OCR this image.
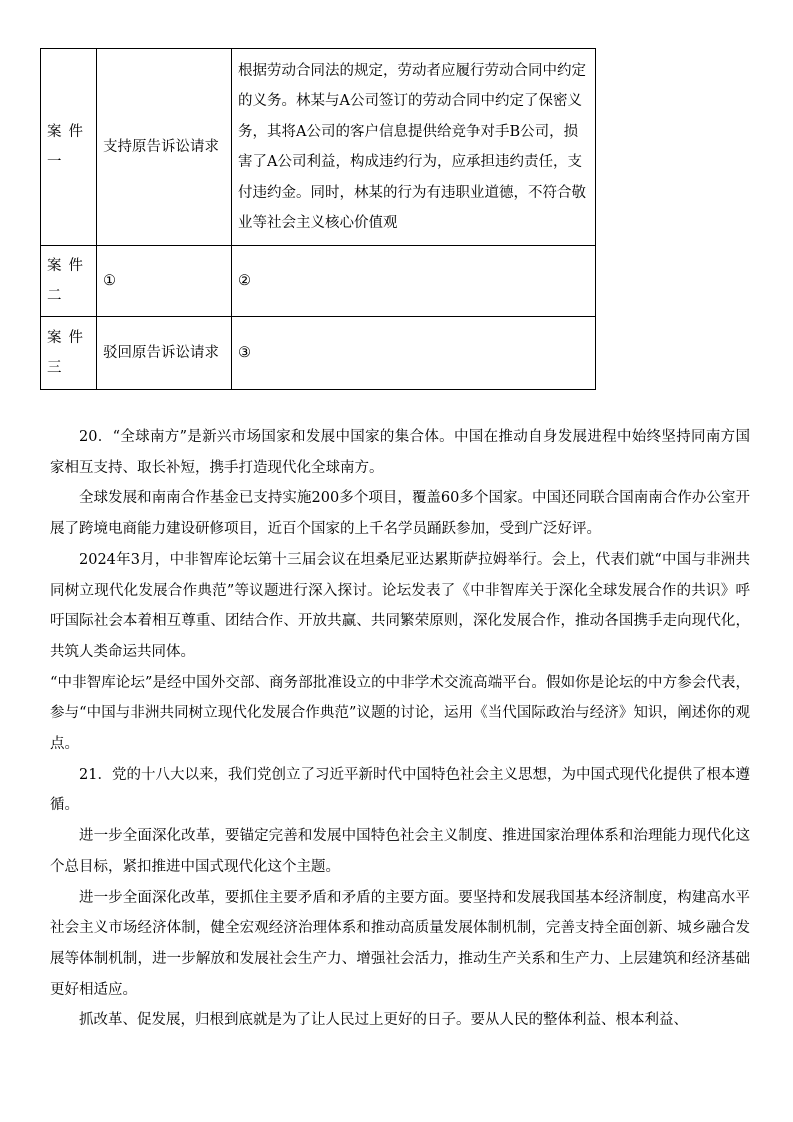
案件一	支持原告诉讼请求	根据劳动合同法的规定，劳动者应履行劳动合同中约定的义务。林某与A公司签订的劳动合同中约定了保密义务，其将A公司的客户信息提供给竞争对手B公司，损害了A公司利益，构成违约行为，应承担违约责任，支付违约金。同时，林某的行为有违职业道德，不符合敬业等社会主义核心价值观
案件二	①	②
案件三	驳回原告诉讼请求	③

20．“全球南方”是新兴市场国家和发展中国家的集合体。中国在推动自身发展进程中始终坚持同南方国家相互支持、取长补短，携手打造现代化全球南方。

全球发展和南南合作基金已支持实施200多个项目，覆盖60多个国家。中国还同联合国南南合作办公室开展了跨境电商能力建设研修项目，近百个国家的上千名学员踊跃参加，受到广泛好评。

2024年3月，中非智库论坛第十三届会议在坦桑尼亚达累斯萨拉姆举行。会上，代表们就“中国与非洲共同树立现代化发展合作典范”等议题进行深入探讨。论坛发表了《中非智库关于深化全球发展合作的共识》呼吁国际社会本着相互尊重、团结合作、开放共赢、共同繁荣原则，深化发展合作，推动各国携手走向现代化，共筑人类命运共同体。

“中非智库论坛”是经中国外交部、商务部批准设立的中非学术交流高端平台。假如你是论坛的中方参会代表，参与“中国与非洲共同树立现代化发展合作典范”议题的讨论，运用《当代国际政治与经济》知识，阐述你的观点。

21．党的十八大以来，我们党创立了习近平新时代中国特色社会主义思想，为中国式现代化提供了根本遵循。

进一步全面深化改革，要锚定完善和发展中国特色社会主义制度、推进国家治理体系和治理能力现代化这个总目标，紧扣推进中国式现代化这个主题。

进一步全面深化改革，要抓住主要矛盾和矛盾的主要方面。要坚持和发展我国基本经济制度，构建高水平社会主义市场经济体制，健全宏观经济治理体系和推动高质量发展体制机制，完善支持全面创新、城乡融合发展等体制机制，进一步解放和发展社会生产力、增强社会活力，推动生产关系和生产力、上层建筑和经济基础更好相适应。

抓改革、促发展，归根到底就是为了让人民过上更好的日子。要从人民的整体利益、根本利益、
